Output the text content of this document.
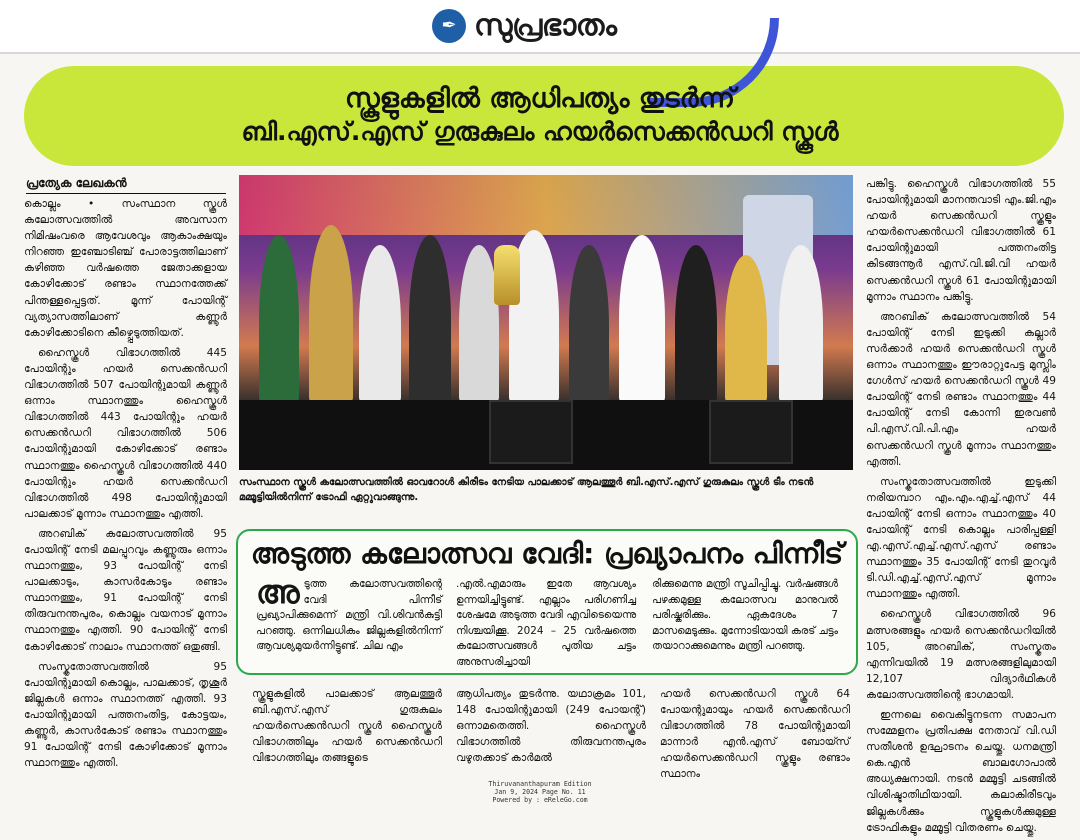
✒ സുപ്രഭാതം
സ്കൂളുകളിൽ ആധിപത്യം തുടർന്ന്
ബി.എസ്.എസ് ഗുരുകുലം ഹയർസെക്കൻഡറി സ്കൂൾ
പ്രത്യേക ലേഖകൻ

കൊല്ലം • സംസ്ഥാന സ്കൂൾ കലോത്സവത്തിൽ അവസാന നിമിഷംവരെ ആവേശവും ആകാംക്ഷയും നിറഞ്ഞ ഇഞ്ചോടിഞ്ച് പോരാട്ടത്തിലാണ് കഴിഞ്ഞ വർഷത്തെ ജേതാക്കളായ കോഴിക്കോട് രണ്ടാം സ്ഥാനത്തേക്ക് പിന്തള്ളപ്പെട്ടത്. മൂന്ന് പോയിന്റ് വ്യത്യാസത്തിലാണ് കണ്ണൂർ കോഴിക്കോടിനെ കീഴ്പ്പെടുത്തിയത്.

ഹൈസ്കൂൾ വിഭാഗത്തിൽ 445 പോയിന്റും ഹയർ സെക്കൻഡറി വിഭാഗത്തിൽ 507 പോയിന്റുമായി കണ്ണൂർ ഒന്നാം സ്ഥാനത്തും ഹൈസ്കൂൾ വിഭാഗത്തിൽ 443 പോയിന്റും ഹയർ സെക്കൻഡറി വിഭാഗത്തിൽ 506 പോയിന്റുമായി കോഴിക്കോട് രണ്ടാം സ്ഥാനത്തും ഹൈസ്കൂൾ വിഭാഗത്തിൽ 440 പോയിന്റും ഹയർ സെക്കൻഡറി വിഭാഗത്തിൽ 498 പോയിന്റുമായി പാലക്കാട് മൂന്നാം സ്ഥാനത്തും എത്തി.

അറബിക് കലോത്സവത്തിൽ 95 പോയിന്റ് നേടി മലപ്പുറവും കണ്ണൂരും ഒന്നാം സ്ഥാനത്തും, 93 പോയിന്റ് നേടി പാലക്കാടും, കാസർകോടും രണ്ടാം സ്ഥാനത്തും, 91 പോയിന്റ് നേടി തിരുവനന്തപുരം, കൊല്ലം വയനാട് മൂന്നാം സ്ഥാനത്തും എത്തി. 90 പോയിന്റ് നേടി കോഴിക്കോട് നാലാം സ്ഥാനത്ത് ഒതുങ്ങി.

സംസ്കൃതോത്സവത്തിൽ 95 പോയിന്റുമായി കൊല്ലം, പാലക്കാട്, തൃശൂർ ജില്ലകൾ ഒന്നാം സ്ഥാനത്ത് എത്തി. 93 പോയിന്റുമായി പത്തനംതിട്ട, കോട്ടയം, കണ്ണൂർ, കാസർകോട് രണ്ടാം സ്ഥാനത്തും 91 പോയിന്റ് നേടി കോഴിക്കോട് മൂന്നാം സ്ഥാനത്തും എത്തി.

സംസ്ഥാന സ്കൂൾ കലോത്സവത്തിൽ ഓവറോൾ കിരീടം നേടിയ പാലക്കാട് ആലത്തൂർ ബി.എസ്.എസ് ഗുരുകുലം സ്കൂൾ ടീം നടൻ മമ്മൂട്ടിയിൽനിന്ന് ട്രോഫി ഏറ്റുവാങ്ങുന്നു.

പങ്കിട്ടു. ഹൈസ്കൂൾ വിഭാഗത്തിൽ 55 പോയിന്റുമായി മാനന്തവാടി എം.ജി.എം ഹയർ സെക്കൻഡറി സ്കൂളും ഹയർസെക്കൻഡറി വിഭാഗത്തിൽ 61 പോയിന്റുമായി പത്തനംതിട്ട കിടങ്ങന്നൂർ എസ്.വി.ജി.വി ഹയർ സെക്കൻഡറി സ്കൂൾ 61 പോയിന്റുമായി മൂന്നാം സ്ഥാനം പങ്കിട്ടു.

അറബിക് കലോത്സവത്തിൽ 54 പോയിന്റ് നേടി ഇടുക്കി കല്ലാർ സർക്കാർ ഹയർ സെക്കൻഡറി സ്കൂൾ ഒന്നാം സ്ഥാനത്തും ഈരാറ്റുപേട്ട മുസ്ലിം ഗേൾസ് ഹയർ സെക്കൻഡറി സ്കൂൾ 49 പോയിന്റ് നേടി രണ്ടാം സ്ഥാനത്തും 44 പോയിന്റ് നേടി കോന്നി ഇരവൺ പി.എസ്.വി.പി.എം ഹയർ സെക്കൻഡറി സ്കൂൾ മൂന്നാം സ്ഥാനത്തും എത്തി.

സംസ്കൃതോത്സവത്തിൽ ഇടുക്കി നരിയമ്പാറ എം.എം.എച്ച്.എസ് 44 പോയിന്റ് നേടി ഒന്നാം സ്ഥാനത്തും 40 പോയിന്റ് നേടി കൊല്ലം പാരിപ്പള്ളി എ.എസ്.എച്ച്.എസ്.എസ് രണ്ടാം സ്ഥാനത്തും 35 പോയിന്റ് നേടി തുറവൂർ ടി.ഡി.എച്ച്.എസ്.എസ് മൂന്നാം സ്ഥാനത്തും എത്തി.

ഹൈസ്കൂൾ വിഭാഗത്തിൽ 96 മത്സരങ്ങളും ഹയർ സെക്കൻഡറിയിൽ 105, അറബിക്, സംസ്കൃതം എന്നിവയിൽ 19 മത്സരങ്ങളിലുമായി 12,107 വിദ്യാർഥികൾ കലോത്സവത്തിന്റെ ഭാഗമായി.

ഇന്നലെ വൈകിട്ടുനടന്ന സമാപന സമ്മേളനം പ്രതിപക്ഷ നേതാവ് വി.ഡി സതീശൻ ഉദ്ഘാടനം ചെയ്തു. ധനമന്ത്രി കെ.എൻ ബാലഗോപാൽ അധ്യക്ഷനായി. നടൻ മമ്മൂട്ടി ചടങ്ങിൽ വിശിഷ്ടാതിഥിയായി. കലാകിരീടവും ജില്ലകൾക്കും സ്കൂളുകൾക്കുമുള്ള ട്രോഫികളും മമ്മൂട്ടി വിതരണം ചെയ്തു.

അടുത്ത കലോത്സവ വേദി: പ്രഖ്യാപനം പിന്നീട്
അടുത്ത കലോത്സവത്തിന്റെ വേദി പിന്നീട് പ്രഖ്യാപിക്കുമെന്ന് മന്ത്രി വി.ശിവൻകുട്ടി പറഞ്ഞു. ഒന്നിലധികം ജില്ലകളിൽനിന്ന് ആവശ്യമുയർന്നിട്ടുണ്ട്. ചില എം
.എൽ.എമാരും ഇതേ ആവശ്യം ഉന്നയിച്ചിട്ടുണ്ട്. എല്ലാം പരിഗണിച്ച ശേഷമേ അടുത്ത വേദി എവിടെയെന്നു നിശ്ചയിക്കൂ. 2024 – 25 വർഷത്തെ കലോത്സവങ്ങൾ പുതിയ ചട്ടം അനുസരിച്ചായി
രിക്കുമെന്നു മന്ത്രി സൂചിപ്പിച്ചു. വർഷങ്ങൾ പഴക്കമുള്ള കലോത്സവ മാനുവൽ പരിഷ്കരിക്കും. ഏകദേശം 7 മാസമെടുക്കും. മുന്നോടിയായി കരട് ചട്ടം തയാറാക്കുമെന്നും മന്ത്രി പറഞ്ഞു.

സ്കൂളുകളിൽ പാലക്കാട് ആലത്തൂർ ബി.എസ്.എസ് ഗുരുകുലം ഹയർസെക്കൻഡറി സ്കൂൾ ഹൈസ്കൂൾ വിഭാഗത്തിലും ഹയർ സെക്കൻഡറി വിഭാഗത്തിലും തങ്ങളുടെ

ആധിപത്യം തുടർന്നു. യഥാക്രമം 101, 148 പോയിന്റുമായി (249 പോയന്റ്) ഒന്നാമതെത്തി. ഹൈസ്കൂൾ വിഭാഗത്തിൽ തിരുവനന്തപുരം വഴുതക്കാട് കാർമൽ

ഹയർ സെക്കൻഡറി സ്കൂൾ 64 പോയന്റുമായും ഹയർ സെക്കൻഡറി വിഭാഗത്തിൽ 78 പോയിന്റുമായി മാന്നാർ എൻ.എസ് ബോയ്സ് ഹയർസെക്കൻഡറി സ്കൂളും രണ്ടാം സ്ഥാനം

Thiruvananthapuram Edition
Jan 9, 2024 Page No. 11
Powered by : eReleGo.com
